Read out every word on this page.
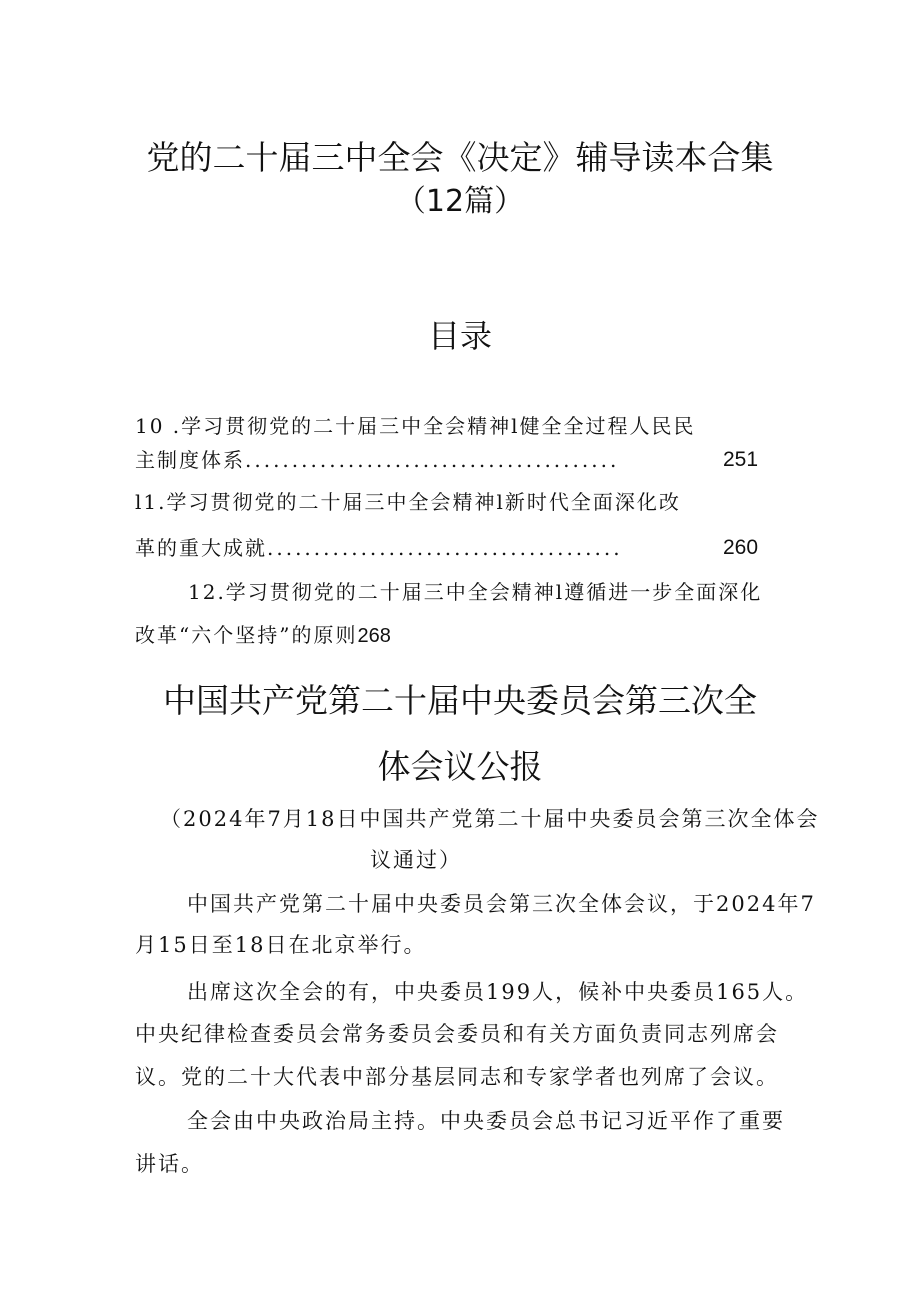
党的二十届三中全会《决定》辅导读本合集
（12篇）
目录
10 .学习贯彻党的二十届三中全会精神l健全全过程人民民
主制度体系........................................	251
l1.学习贯彻党的二十届三中全会精神l新时代全面深化改
革的重大成就......................................	260
12.学习贯彻党的二十届三中全会精神l遵循进一步全面深化
改革“六个坚持”的原则268
中国共产党第二十届中央委员会第三次全
体会议公报
（2024年7月18日中国共产党第二十届中央委员会第三次全体会
议通过）
中国共产党第二十届中央委员会第三次全体会议，于2024年7
月15日至18日在北京举行。
出席这次全会的有，中央委员199人，候补中央委员165人。
中央纪律检查委员会常务委员会委员和有关方面负责同志列席会
议。党的二十大代表中部分基层同志和专家学者也列席了会议。
全会由中央政治局主持。中央委员会总书记习近平作了重要
讲话。
